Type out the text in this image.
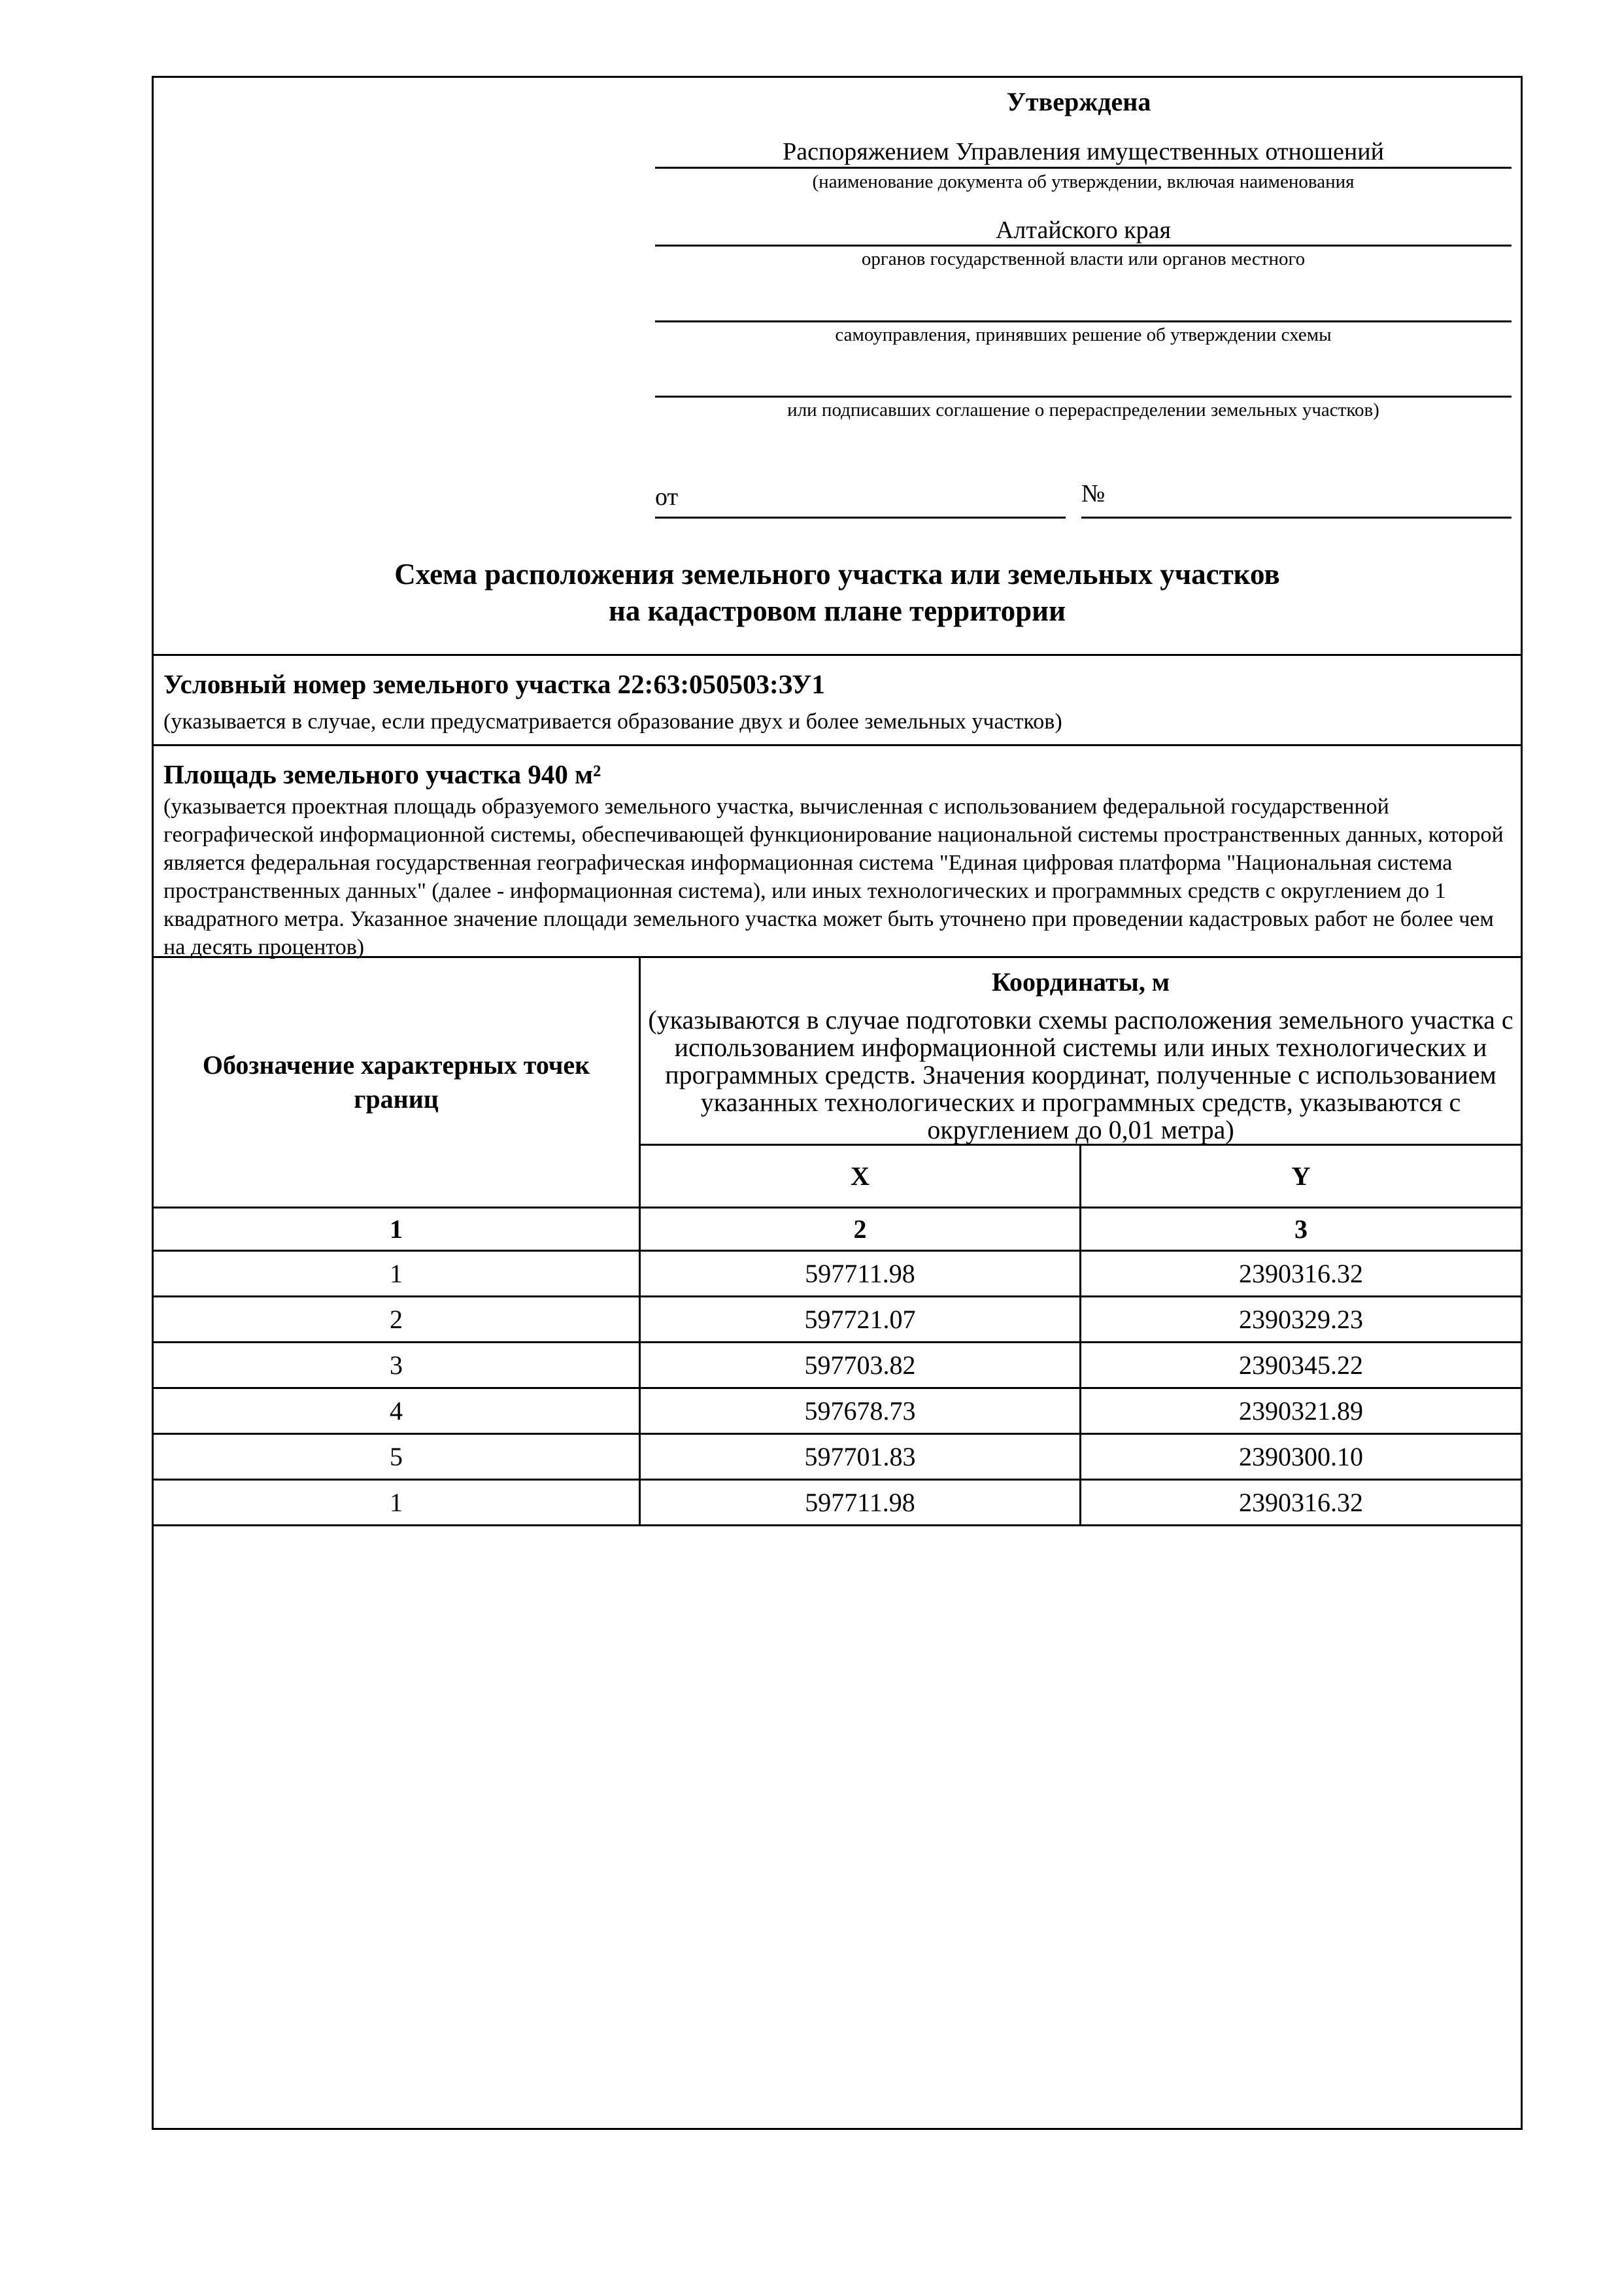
Утверждена
Распоряжением Управления имущественных отношений
(наименование документа об утверждении, включая наименования
Алтайского края
органов государственной власти или органов местного
самоуправления, принявших решение об утверждении схемы
или подписавших соглашение о перераспределении земельных участков)
от	№
Схема расположения земельного участка или земельных участков
на кадастровом плане территории
Условный номер земельного участка 22:63:050503:ЗУ1
(указывается в случае, если предусматривается образование двух и более земельных участков)
Площадь земельного участка 940 м²
(указывается проектная площадь образуемого земельного участка, вычисленная с использованием федеральной государственной географической информационной системы, обеспечивающей функционирование национальной системы пространственных данных, которой является федеральная государственная географическая информационная система "Единая цифровая платформа "Национальная система пространственных данных" (далее - информационная система), или иных технологических и программных средств с округлением до 1 квадратного метра. Указанное значение площади земельного участка может быть уточнено при проведении кадастровых работ не более чем на десять процентов)
Обозначение характерных точек границ	Координаты, м	
	(указываются в случае подготовки схемы расположения земельного участка с использованием информационной системы или иных технологических и программных средств. Значения координат, полученные с использованием указанных технологических и программных средств, указываются с округлением до 0,01 метра)	
	X	Y
1	2	3
1	597711.98	2390316.32
2	597721.07	2390329.23
3	597703.82	2390345.22
4	597678.73	2390321.89
5	597701.83	2390300.10
1	597711.98	2390316.32
